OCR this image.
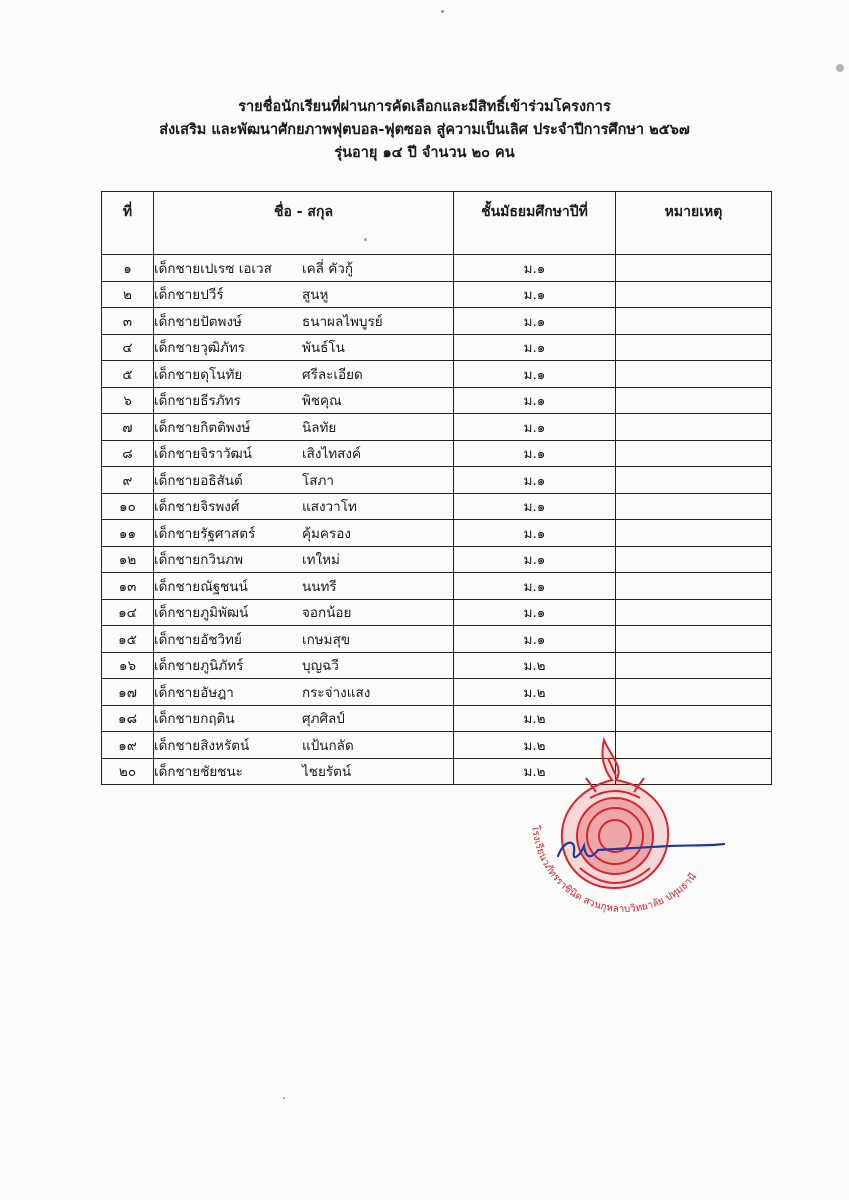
รายชื่อนักเรียนที่ผ่านการคัดเลือกและมีสิทธิ์เข้าร่วมโครงการ
ส่งเสริม และพัฒนาศักยภาพฟุตบอล-ฟุตซอล สู่ความเป็นเลิศ ประจำปีการศึกษา ๒๕๖๗
รุ่นอายุ ๑๔ ปี จำนวน ๒๐ คน
ที่	ชื่อ - สกุล	ชั้นมัธยมศึกษาปีที่	หมายเหตุ
๑	เด็กชายเปเรซ เอเวส เคลี่ คัวกู้	ม.๑	
๒	เด็กชายปวีร์ สูนหู	ม.๑	
๓	เด็กชายปัตพงษ์ ธนาผลไพบูรย์	ม.๑	
๔	เด็กชายวุฒิภัทร พันธ์โน	ม.๑	
๕	เด็กชายดุโนทัย ศรีละเอียด	ม.๑	
๖	เด็กชายธีรภัทร พิชคุณ	ม.๑	
๗	เด็กชายกิตติพงษ์ นิลทัย	ม.๑	
๘	เด็กชายจิราวัฒน์ เสิงไทสงค์	ม.๑	
๙	เด็กชายอธิสันต์ โสภา	ม.๑	
๑๐	เด็กชายจิรพงศ์ แสงวาโท	ม.๑	
๑๑	เด็กชายรัฐศาสตร์ คุ้มครอง	ม.๑	
๑๒	เด็กชายกวินภพ เทใหม่	ม.๑	
๑๓	เด็กชายณัฐชนน์ นนทรี	ม.๑	
๑๔	เด็กชายภูมิพัฒน์ จอกน้อย	ม.๑	
๑๕	เด็กชายอัชวิทย์ เกษมสุข	ม.๑	
๑๖	เด็กชายภูนิภัทร์ บุญฉวี	ม.๒	
๑๗	เด็กชายอัษฎา กระจ่างแสง	ม.๒	
๑๘	เด็กชายกฤติน ศุภศิลป์	ม.๒	
๑๙	เด็กชายสิงหรัตน์ แป้นกลัด	ม.๒	
๒๐	เด็กชายชัยชนะ ไชยรัตน์	ม.๒	
โรงเรียนวภัทรราชินิต สวนกุหลาบวิทยาลัย ปทุมธานี
